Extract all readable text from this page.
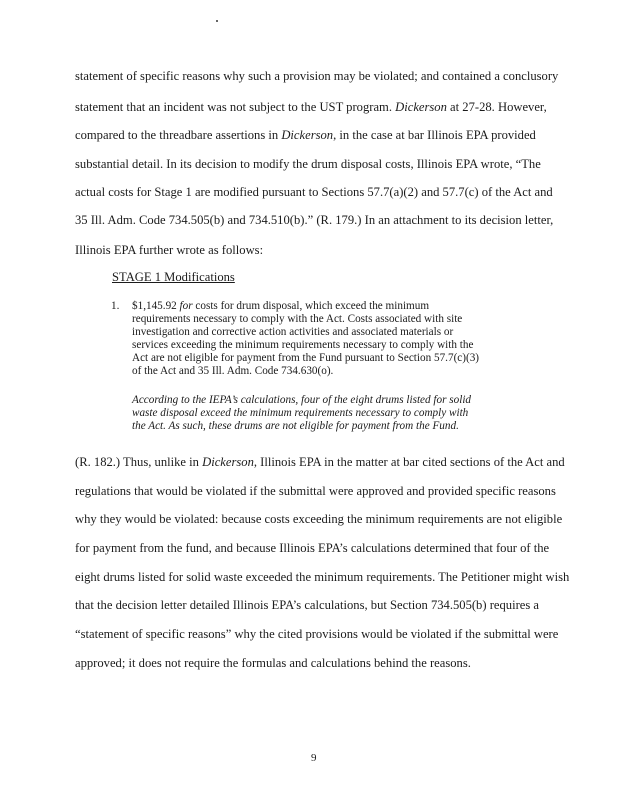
statement of specific reasons why such a provision may be violated; and contained a conclusory
statement that an incident was not subject to the UST program. Dickerson at 27-28. However,
compared to the threadbare assertions in Dickerson, in the case at bar Illinois EPA provided
substantial detail. In its decision to modify the drum disposal costs, Illinois EPA wrote, “The
actual costs for Stage 1 are modified pursuant to Sections 57.7(a)(2) and 57.7(c) of the Act and
35 Ill. Adm. Code 734.505(b) and 734.510(b).” (R. 179.) In an attachment to its decision letter,
Illinois EPA further wrote as follows:
STAGE 1 Modifications
1. $1,145.92 for costs for drum disposal, which exceed the minimum
requirements necessary to comply with the Act. Costs associated with site
investigation and corrective action activities and associated materials or
services exceeding the minimum requirements necessary to comply with the
Act are not eligible for payment from the Fund pursuant to Section 57.7(c)(3)
of the Act and 35 Ill. Adm. Code 734.630(o).
According to the IEPA’s calculations, four of the eight drums listed for solid
waste disposal exceed the minimum requirements necessary to comply with
the Act. As such, these drums are not eligible for payment from the Fund.
(R. 182.) Thus, unlike in Dickerson, Illinois EPA in the matter at bar cited sections of the Act and
regulations that would be violated if the submittal were approved and provided specific reasons
why they would be violated: because costs exceeding the minimum requirements are not eligible
for payment from the fund, and because Illinois EPA’s calculations determined that four of the
eight drums listed for solid waste exceeded the minimum requirements. The Petitioner might wish
that the decision letter detailed Illinois EPA’s calculations, but Section 734.505(b) requires a
“statement of specific reasons” why the cited provisions would be violated if the submittal were
approved; it does not require the formulas and calculations behind the reasons.
9
